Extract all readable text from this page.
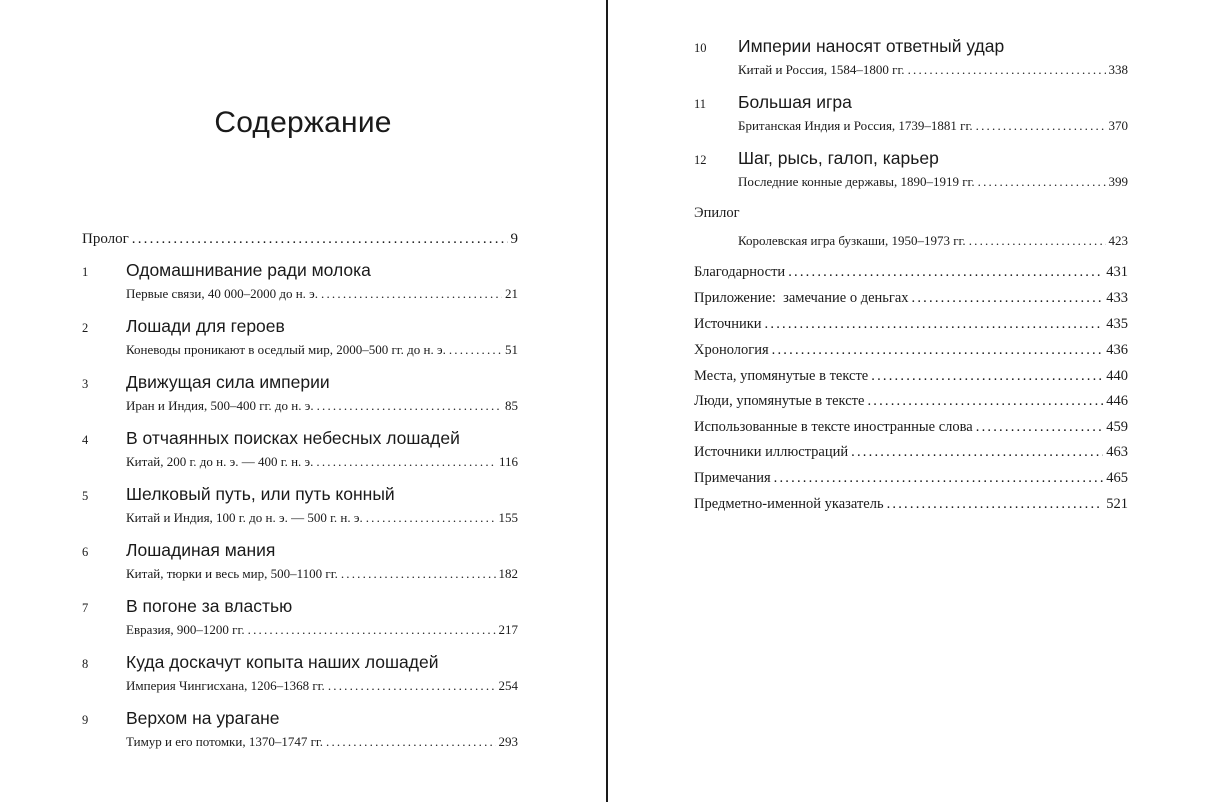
Содержание
Пролог .....	9
1 Одомашнивание ради молока
Первые связи, 40 000–2000 до н. э. .....	21
2 Лошади для героев
Коневоды проникают в оседлый мир, 2000–500 гг. до н. э. .....	51
3 Движущая сила империи
Иран и Индия, 500–400 гг. до н. э. .....	85
4 В отчаянных поисках небесных лошадей
Китай, 200 г. до н. э. — 400 г. н. э. .....	116
5 Шелковый путь, или путь конный
Китай и Индия, 100 г. до н. э. — 500 г. н. э. .....	155
6 Лошадиная мания
Китай, тюрки и весь мир, 500–1100 гг. .....	182
7 В погоне за властью
Евразия, 900–1200 гг. .....	217
8 Куда доскачут копыта наших лошадей
Империя Чингисхана, 1206–1368 гг. .....	254
9 Верхом на урагане
Тимур и его потомки, 1370–1747 гг. .....	293
10 Империи наносят ответный удар
Китай и Россия, 1584–1800 гг. .....	338
11 Большая игра
Британская Индия и Россия, 1739–1881 гг. .....	370
12 Шаг, рысь, галоп, карьер
Последние конные державы, 1890–1919 гг. .....	399
Эпилог
Королевская игра бузкаши, 1950–1973 гг. .....	423
Благодарности .....	431
Приложение:  замечание о деньгах .....	433
Источники .....	435
Хронология .....	436
Места, упомянутые в тексте .....	440
Люди, упомянутые в тексте .....	446
Использованные в тексте иностранные слова .....	459
Источники иллюстраций .....	463
Примечания .....	465
Предметно-именной указатель .....	521
